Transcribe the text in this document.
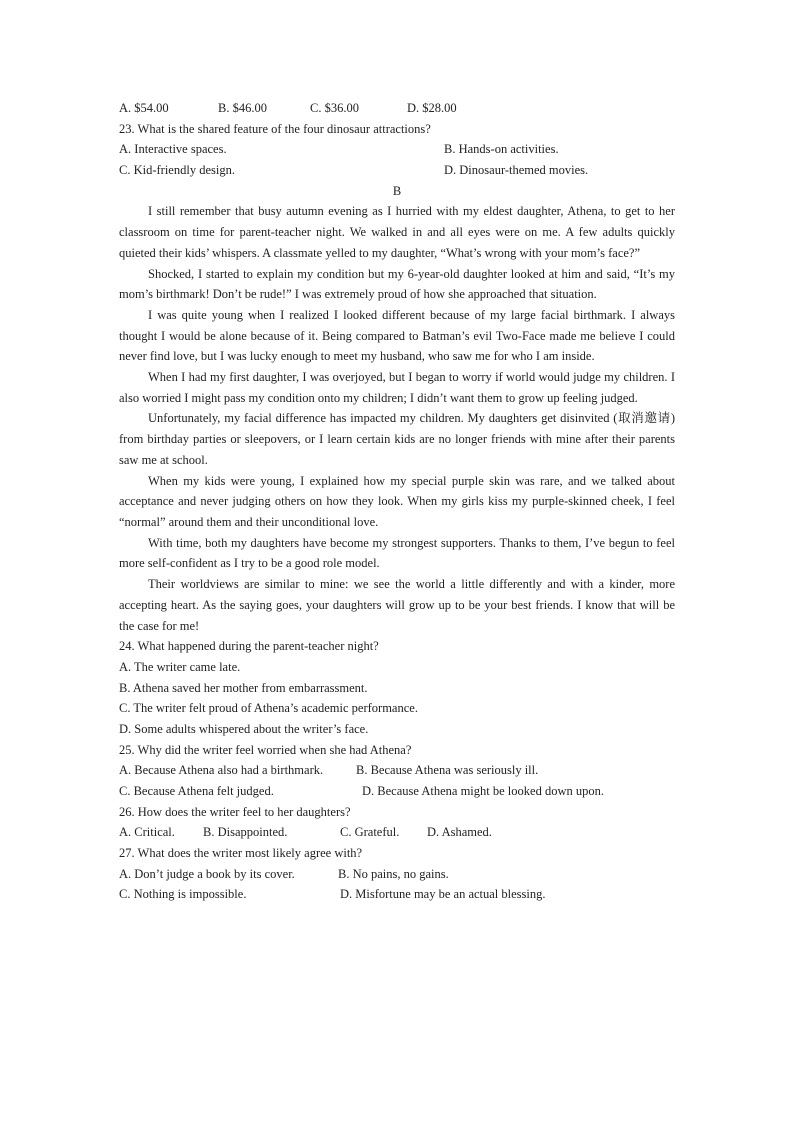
A. $54.00	B. $46.00	C. $36.00	D. $28.00
23. What is the shared feature of the four dinosaur attractions?
A. Interactive spaces.	B. Hands-on activities.
C. Kid-friendly design.	D. Dinosaur-themed movies.
B

I still remember that busy autumn evening as I hurried with my eldest daughter, Athena, to get to her classroom on time for parent-teacher night. We walked in and all eyes were on me. A few adults quickly quieted their kids’ whispers. A classmate yelled to my daughter, “What’s wrong with your mom’s face?”

Shocked, I started to explain my condition but my 6-year-old daughter looked at him and said, “It’s my mom’s birthmark! Don’t be rude!” I was extremely proud of how she approached that situation.

I was quite young when I realized I looked different because of my large facial birthmark. I always thought I would be alone because of it. Being compared to Batman’s evil Two-Face made me believe I could never find love, but I was lucky enough to meet my husband, who saw me for who I am inside.

When I had my first daughter, I was overjoyed, but I began to worry if world would judge my children. I also worried I might pass my condition onto my children; I didn’t want them to grow up feeling judged.

Unfortunately, my facial difference has impacted my children. My daughters get disinvited (取消邀请) from birthday parties or sleepovers, or I learn certain kids are no longer friends with mine after their parents saw me at school.

When my kids were young, I explained how my special purple skin was rare, and we talked about acceptance and never judging others on how they look. When my girls kiss my purple-skinned cheek, I feel “normal” around them and their unconditional love.

With time, both my daughters have become my strongest supporters. Thanks to them, I’ve begun to feel more self-confident as I try to be a good role model.

Their worldviews are similar to mine: we see the world a little differently and with a kinder, more accepting heart. As the saying goes, your daughters will grow up to be your best friends. I know that will be the case for me!

24. What happened during the parent-teacher night?
A. The writer came late.
B. Athena saved her mother from embarrassment.
C. The writer felt proud of Athena’s academic performance.
D. Some adults whispered about the writer’s face.
25. Why did the writer feel worried when she had Athena?
A. Because Athena also had a birthmark.	B. Because Athena was seriously ill.
C. Because Athena felt judged.	D. Because Athena might be looked down upon.
26. How does the writer feel to her daughters?
A. Critical. B. Disappointed.	C. Grateful. D. Ashamed.
27. What does the writer most likely agree with?
A. Don’t judge a book by its cover.	B. No pains, no gains.
C. Nothing is impossible.	D. Misfortune may be an actual blessing.
